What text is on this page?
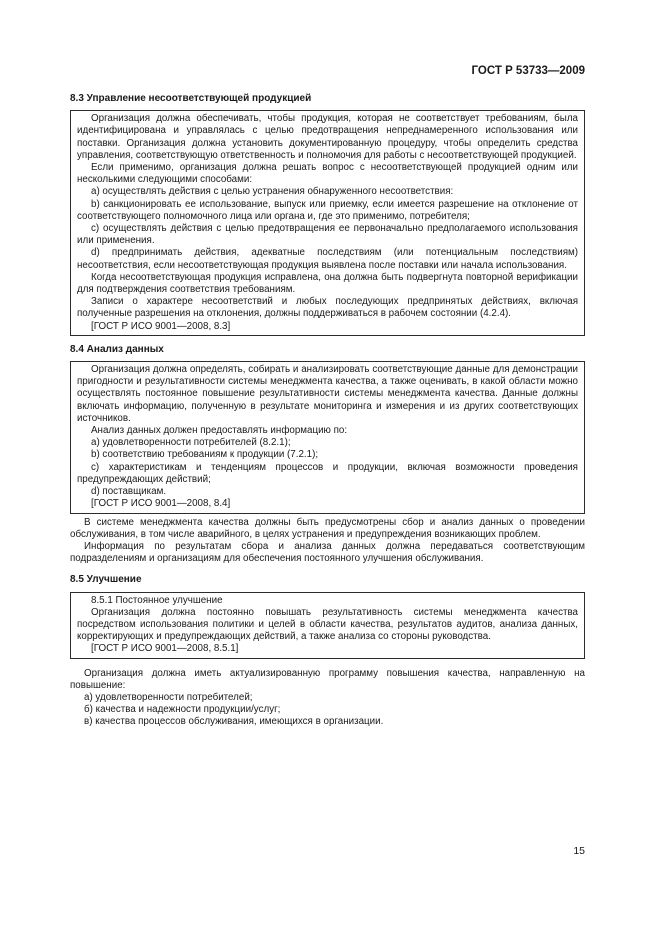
ГОСТ Р 53733—2009
8.3 Управление несоответствующей продукцией

Организация должна обеспечивать, чтобы продукция, которая не соответствует требованиям, была идентифицирована и управлялась с целью предотвращения непреднамеренного использования или поставки. Организация должна установить документированную процедуру, чтобы определить средства управления, соответствующую ответственность и полномочия для работы с несоответствующей продукцией.

Если применимо, организация должна решать вопрос с несоответствующей продукцией одним или несколькими следующими способами:

a) осуществлять действия с целью устранения обнаруженного несоответствия:

b) санкционировать ее использование, выпуск или приемку, если имеется разрешение на отклонение от соответствующего полномочного лица или органа и, где это применимо, потребителя;

c) осуществлять действия с целью предотвращения ее первоначально предполагаемого использования или применения.

d) предпринимать действия, адекватные последствиям (или потенциальным последствиям) несоответствия, если несоответствующая продукция выявлена после поставки или начала использования.

Когда несоответствующая продукция исправлена, она должна быть подвергнута повторной верификации для подтверждения соответствия требованиям.

Записи о характере несоответствий и любых последующих предпринятых действиях, включая полученные разрешения на отклонения, должны поддерживаться в рабочем состоянии (4.2.4).

[ГОСТ Р ИСО 9001—2008, 8.3]

8.4 Анализ данных

Организация должна определять, собирать и анализировать соответствующие данные для демонстрации пригодности и результативности системы менеджмента качества, а также оценивать, в какой области можно осуществлять постоянное повышение результативности системы менеджмента качества. Данные должны включать информацию, полученную в результате мониторинга и измерения и из других соответствующих источников.

Анализ данных должен предоставлять информацию по:

a) удовлетворенности потребителей (8.2.1);

b) соответствию требованиям к продукции (7.2.1);

c) характеристикам и тенденциям процессов и продукции, включая возможности проведения предупреждающих действий;

d) поставщикам.

[ГОСТ Р ИСО 9001—2008, 8.4]

В системе менеджмента качества должны быть предусмотрены сбор и анализ данных о проведении обслуживания, в том числе аварийного, в целях устранения и предупреждения возникающих проблем.

Информация по результатам сбора и анализа данных должна передаваться соответствующим подразделениям и организациям для обеспечения постоянного улучшения обслуживания.

8.5 Улучшение

8.5.1 Постоянное улучшение

Организация должна постоянно повышать результативность системы менеджмента качества посредством использования политики и целей в области качества, результатов аудитов, анализа данных, корректирующих и предупреждающих действий, а также анализа со стороны руководства.

[ГОСТ Р ИСО 9001—2008, 8.5.1]

Организация должна иметь актуализированную программу повышения качества, направленную на повышение:

а) удовлетворенности потребителей;

б) качества и надежности продукции/услуг;

в) качества процессов обслуживания, имеющихся в организации.

15
